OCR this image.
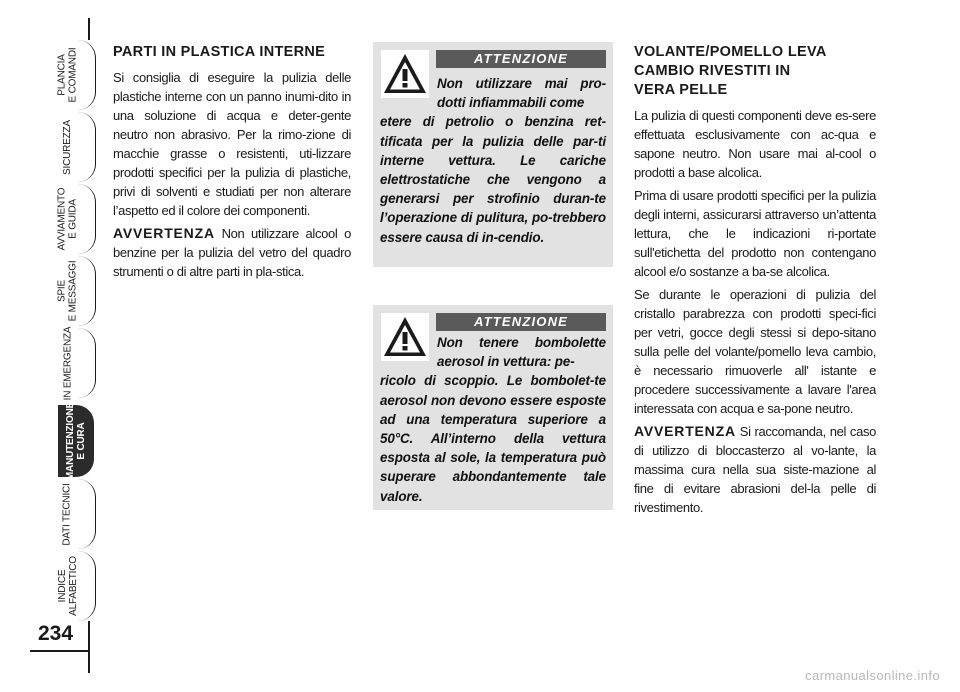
PLANCIA
E COMANDI
SICUREZZA
AVVIAMENTO
E GUIDA
SPIE
E MESSAGGI
IN EMERGENZA
MANUTENZIONE
E CURA
DATI TECNICI
INDICE
ALFABETICO
234
PARTI IN PLASTICA INTERNE

Si consiglia di eseguire la pulizia delle plastiche interne con un panno inumi-dito in una soluzione di acqua e deter-gente neutro non abrasivo. Per la rimo-zione di macchie grasse o resistenti, uti-lizzare prodotti specifici per la pulizia di plastiche, privi di solventi e studiati per non alterare l’aspetto ed il colore dei componenti.

AVVERTENZA Non utilizzare alcool o benzine per la pulizia del vetro del quadro strumenti o di altre parti in pla-stica.

ATTENZIONE
Non utilizzare mai pro-dotti infiammabili come
etere di petrolio o benzina ret-tificata per la pulizia delle par-ti interne vettura. Le cariche elettrostatiche che vengono a generarsi per strofinio duran-te l’operazione di pulitura, po-trebbero essere causa di in-cendio.
ATTENZIONE
Non tenere bombolette aerosol in vettura: pe-
ricolo di scoppio. Le bombolet-te aerosol non devono essere esposte ad una temperatura superiore a 50°C. All’interno della vettura esposta al sole, la temperatura può superare abbondantemente tale valore.
VOLANTE/POMELLO LEVA
CAMBIO RIVESTITI IN
VERA PELLE

La pulizia di questi componenti deve es-sere effettuata esclusivamente con ac-qua e sapone neutro. Non usare mai al-cool o prodotti a base alcolica.

Prima di usare prodotti specifici per la pulizia degli interni, assicurarsi attraverso un’attenta lettura, che le indicazioni ri-portate sull'etichetta del prodotto non contengano alcool e/o sostanze a ba-se alcolica.

Se durante le operazioni di pulizia del cristallo parabrezza con prodotti speci-fici per vetri, gocce degli stessi si depo-sitano sulla pelle del volante/pomello leva cambio, è necessario rimuoverle all' istante e procedere successivamente a lavare l'area interessata con acqua e sa-pone neutro.

AVVERTENZA Si raccomanda, nel caso di utilizzo di bloccasterzo al vo-lante, la massima cura nella sua siste-mazione al fine di evitare abrasioni del-la pelle di rivestimento.

carmanualsonline.info
